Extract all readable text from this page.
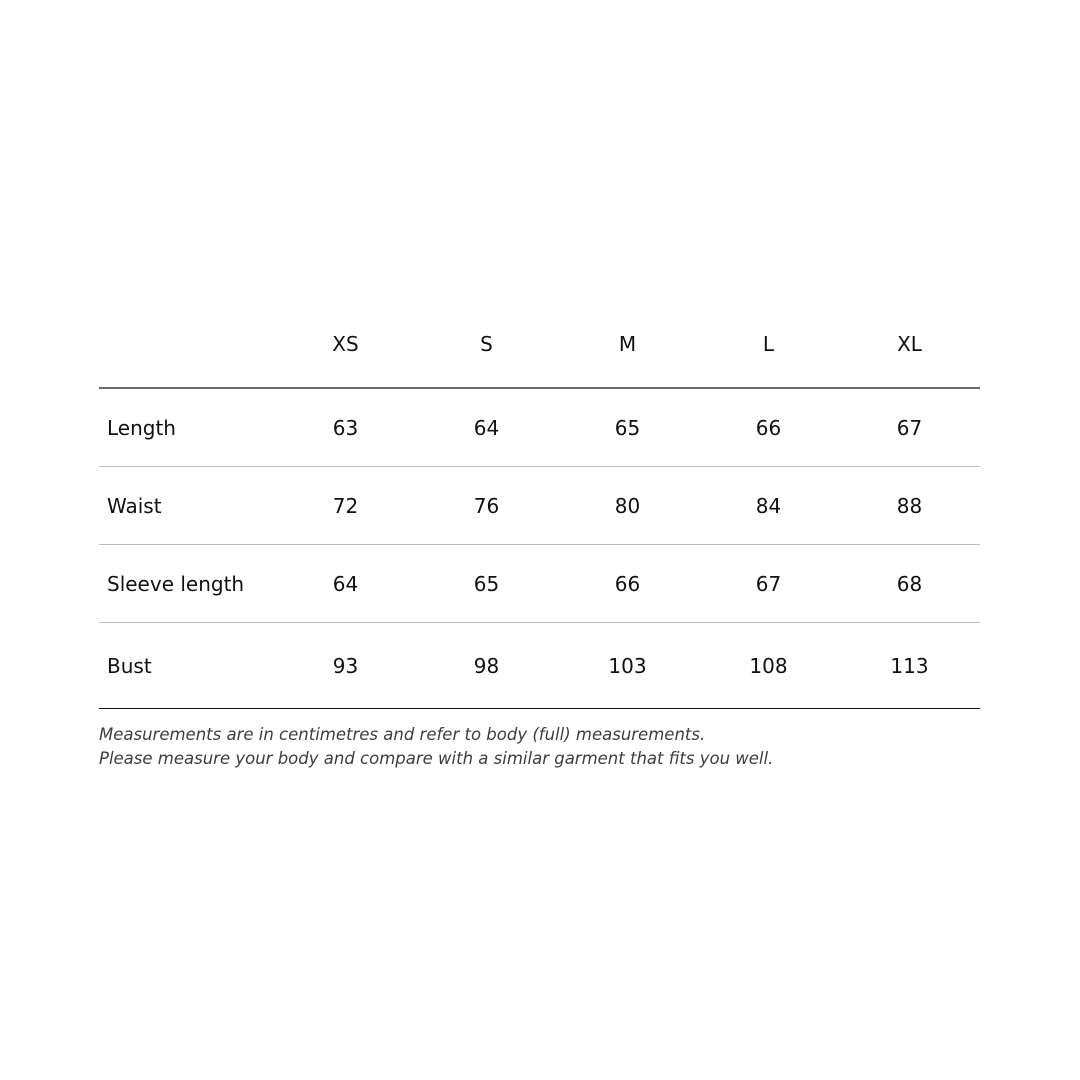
	XS	S	M	L	XL
Length	63	64	65	66	67
Waist	72	76	80	84	88
Sleeve length	64	65	66	67	68
Bust	93	98	103	108	113

Measurements are in centimetres and refer to body (full) measurements.

Please measure your body and compare with a similar garment that fits you well.
